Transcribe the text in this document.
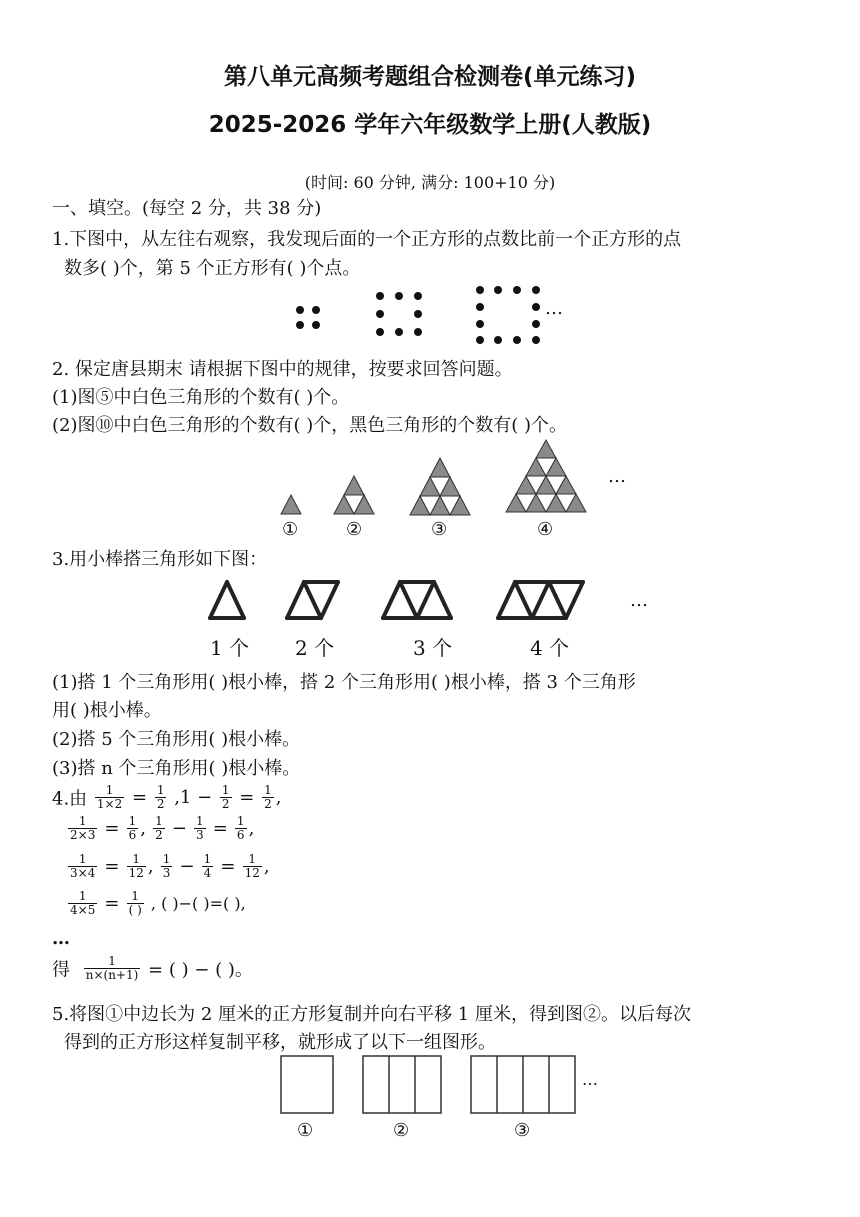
第八单元高频考题组合检测卷(单元练习)
2025-2026 学年六年级数学上册(人教版)
(时间: 60 分钟, 满分: 100+10 分)
一、填空。(每空 2 分，共 38 分)
1.下图中，从左往右观察，我发现后面的一个正方形的点数比前一个正方形的点
数多( )个，第 5 个正方形有( )个点。
…
2. 保定唐县期末 请根据下图中的规律，按要求回答问题。
(1)图⑤中白色三角形的个数有( )个。
(2)图⑩中白色三角形的个数有( )个，黑色三角形的个数有( )个。
…
①	②	③	④
3.用小棒搭三角形如下图：
…
1 个 2 个	3 个	4 个
(1)搭 1 个三角形用( )根小棒，搭 2 个三角形用( )根小棒，搭 3 个三角形
用( )根小棒。
(2)搭 5 个三角形用( )根小棒。
(3)搭 n 个三角形用( )根小棒。
4.由 $\frac{1}{1\times 2} = \frac{1}{2} ,1 - \frac{1}{2} = \frac{1}{2}$ ,
$\frac{1}{2\times 3} = \frac{1}{6}$ , $\frac{1}{2} - \frac{1}{3} = \frac{1}{6}$ ,
$\frac{1}{3\times 4} = \frac{1}{12}$ , $\frac{1}{3} - \frac{1}{4} = \frac{1}{12}$ ,
$\frac{1}{4\times 5} = \frac{1}{( )}$ , ( )−( )=( ),
…
得 $\frac{1}{n\times(n+1)}$ = ( ) − ( )。
5.将图①中边长为 2 厘米的正方形复制并向右平移 1 厘米，得到图②。以后每次
得到的正方形这样复制平移，就形成了以下一组图形。
…
①	②	③
